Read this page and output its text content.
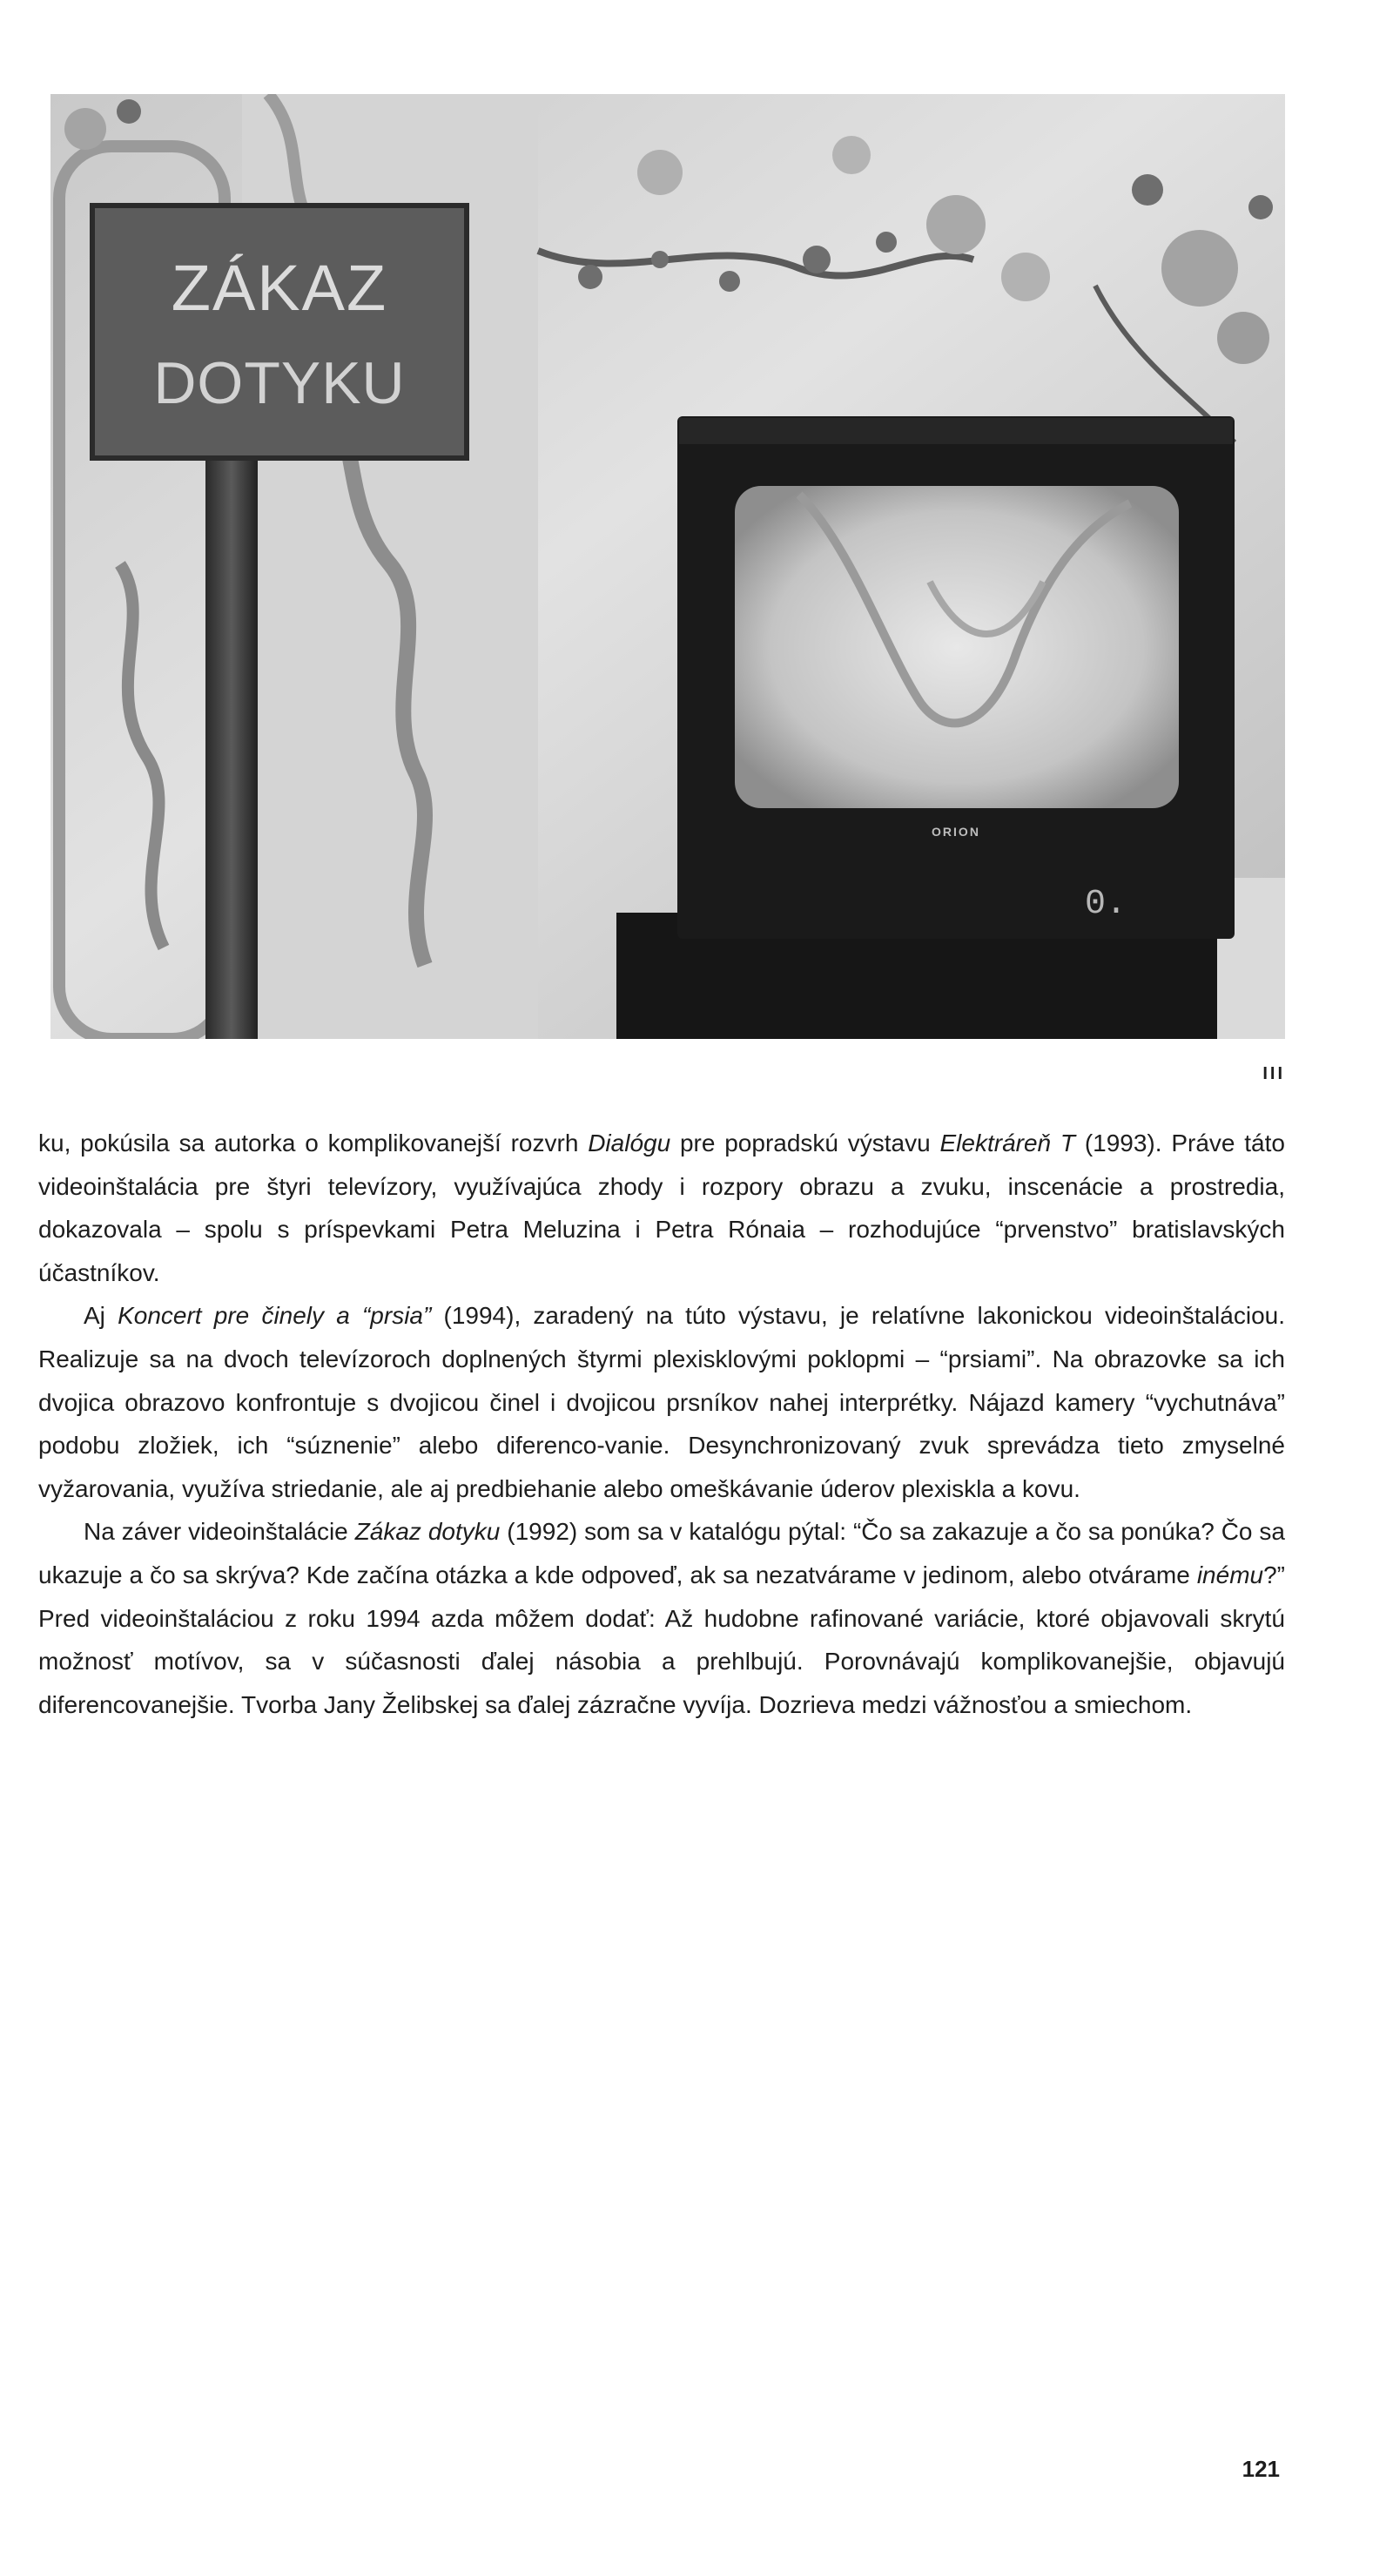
ZÁKAZ
DOTYKU
ORION
0.
III

ku, pokúsila sa autorka o komplikovanejší rozvrh Dialógu pre popradskú výstavu Elektráreň T (1993). Práve táto videoinštalácia pre štyri televízory, využívajúca zhody i rozpory obrazu a zvuku, inscenácie a prostredia, dokazovala – spolu s príspevkami Petra Meluzina i Petra Rónaia – rozhodujúce “prvenstvo” bratislavských účastníkov.

Aj Koncert pre činely a “prsia” (1994), zaradený na túto výstavu, je relatívne lakonickou videoinštaláciou. Realizuje sa na dvoch televízoroch doplnených štyrmi plexisklovými poklopmi – “prsiami”. Na obrazovke sa ich dvojica obrazovo konfrontuje s dvojicou činel i dvojicou prsníkov nahej interprétky. Nájazd kamery “vychutnáva” podobu zložiek, ich “súznenie” alebo diferenco-vanie. Desynchronizovaný zvuk sprevádza tieto zmyselné vyžarovania, využíva striedanie, ale aj predbiehanie alebo omeškávanie úderov plexiskla a kovu.

Na záver videoinštalácie Zákaz dotyku (1992) som sa v katalógu pýtal: “Čo sa zakazuje a čo sa ponúka? Čo sa ukazuje a čo sa skrýva? Kde začína otázka a kde odpoveď, ak sa nezatvárame v jedinom, alebo otvárame inému?” Pred videoinštaláciou z roku 1994 azda môžem dodať: Až hudobne rafinované variácie, ktoré objavovali skrytú možnosť motívov, sa v súčasnosti ďalej násobia a prehlbujú. Porovnávajú komplikovanejšie, objavujú diferencovanejšie. Tvorba Jany Želibskej sa ďalej zázračne vyvíja. Dozrieva medzi vážnosťou a smiechom.

121
